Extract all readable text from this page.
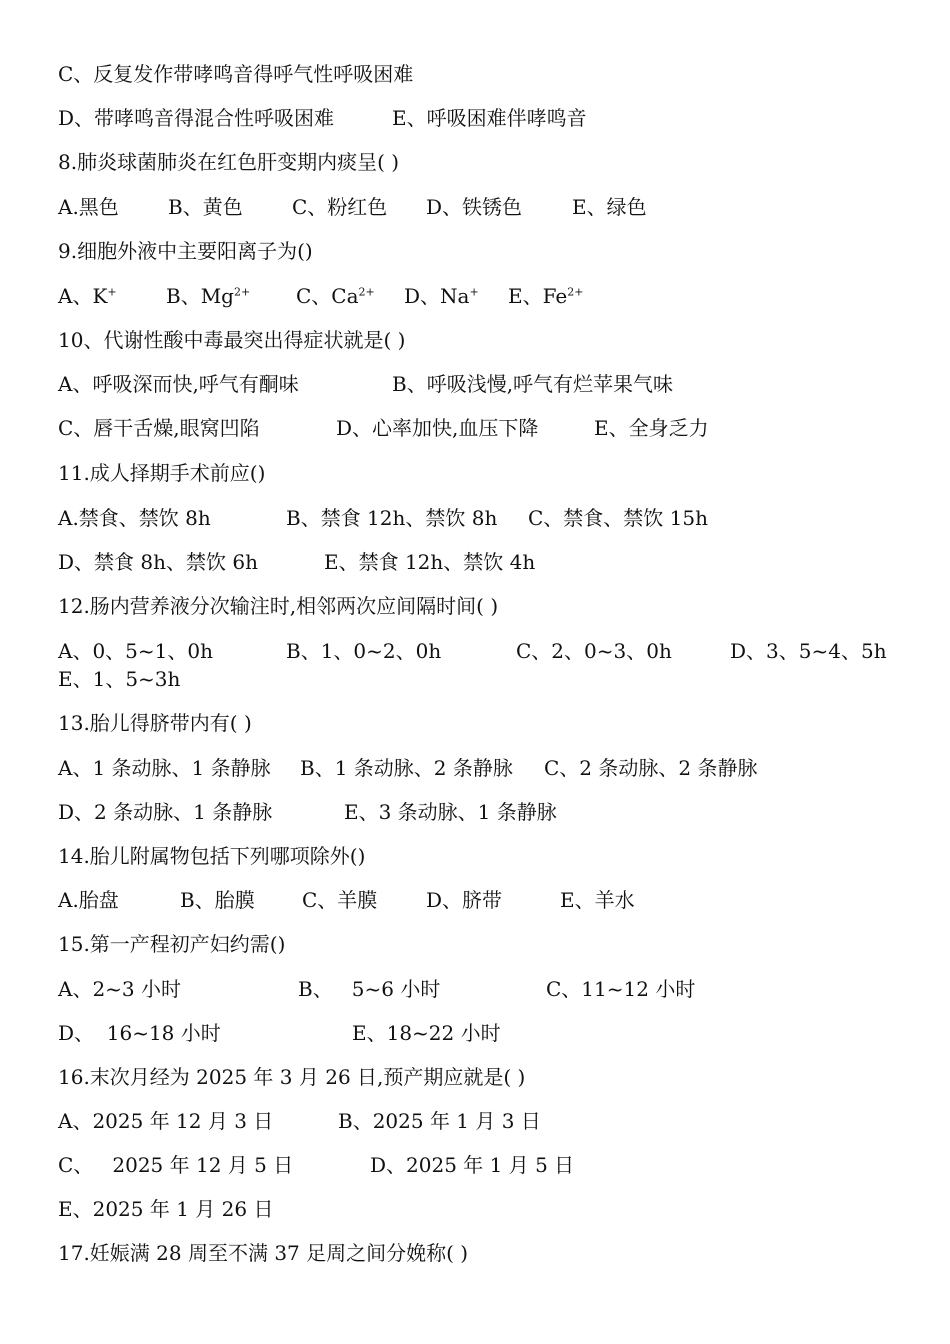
C、反复发作带哮鸣音得呼气性呼吸困难
D、带哮鸣音得混合性呼吸困难	E、呼吸困难伴哮鸣音
8.肺炎球菌肺炎在红色肝变期内痰呈( )
A.黑色 B、黄色 C、粉红色 D、铁锈色 E、绿色
9.细胞外液中主要阳离子为()
A、K+ B、$Mg^{2+}$ C、$Ca^{2+}$ D、Na+ E、$Fe^{2+}$
10、代谢性酸中毒最突出得症状就是( )
A、呼吸深而快,呼气有酮味	B、呼吸浅慢,呼气有烂苹果气味
C、唇干舌燥,眼窝凹陷	D、心率加快,血压下降	E、全身乏力
11.成人择期手术前应()
A.禁食、禁饮 8h	B、禁食 12h、禁饮 8h C、禁食、禁饮 15h
D、禁食 8h、禁饮 6h	E、禁食 12h、禁饮 4h
12.肠内营养液分次输注时,相邻两次应间隔时间( )
A、0、5~1、0h	B、1、0~2、0h	C、2、0~3、0h	D、3、5~4、5h
E、1、5~3h
13.胎儿得脐带内有( )
A、1 条动脉、1 条静脉 B、1 条动脉、2 条静脉 C、2 条动脉、2 条静脉
D、2 条动脉、1 条静脉	E、3 条动脉、1 条静脉
14.胎儿附属物包括下列哪项除外()
A.胎盘	B、胎膜 C、羊膜 D、脐带	E、羊水
15.第一产程初产妇约需()
A、2~3 小时	B、   5~6 小时	C、11~12 小时
D、  16~18 小时	E、18~22 小时
16.末次月经为 2025 年 3 月 26 日,预产期应就是( )
A、2025 年 12 月 3 日	B、2025 年 1 月 3 日
C、   2025 年 12 月 5 日	D、2025 年 1 月 5 日
E、2025 年 1 月 26 日
17.妊娠满 28 周至不满 37 足周之间分娩称( )
